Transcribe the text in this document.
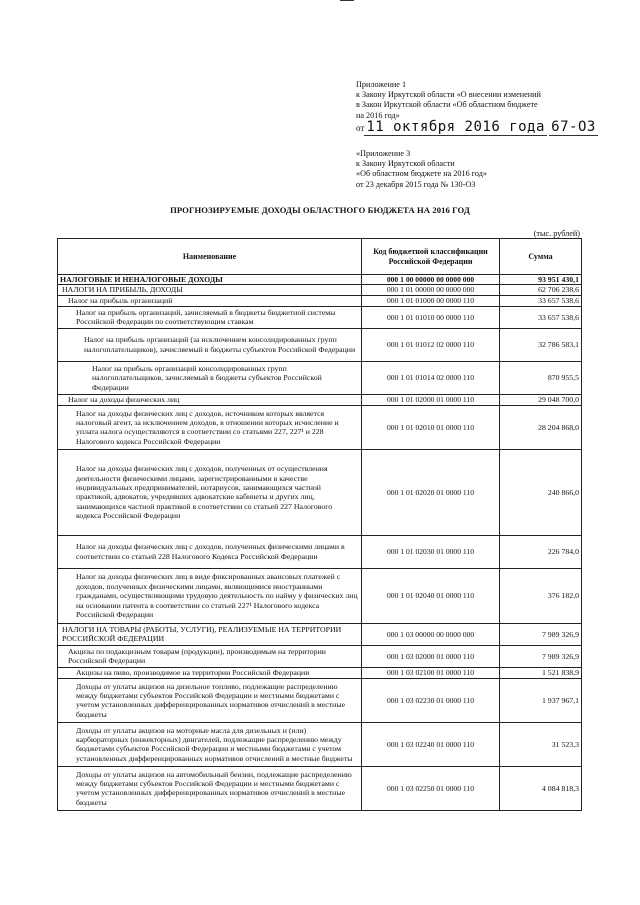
Приложение 1
к Закону Иркутской области «О внесении изменений
в Закон Иркутской области «Об областном бюджете
на 2016 год»
от 11 октября 2016 года 67-ОЗ
«Приложение 3
к Закону Иркутской области
«Об областном бюджете на 2016 год»
от 23 декабря 2015 года № 130-ОЗ
ПРОГНОЗИРУЕМЫЕ ДОХОДЫ ОБЛАСТНОГО БЮДЖЕТА НА 2016 ГОД
(тыс. рублей)
Наименование	Код бюджетной классификации Российской Федерации	Сумма
НАЛОГОВЫЕ И НЕНАЛОГОВЫЕ ДОХОДЫ	000 1 00 00000 00 0000 000	93 951 430,1
НАЛОГИ НА ПРИБЫЛЬ, ДОХОДЫ	000 1 01 00000 00 0000 000	62 706 238,6
Налог на прибыль организаций	000 1 01 01000 00 0000 110	33 657 538,6
Налог на прибыль организаций, зачисляемый в бюджеты бюджетной системы Российской Федерации по соответствующим ставкам	000 1 01 01010 00 0000 110	33 657 538,6
Налог на прибыль организаций (за исключением консолидированных групп налогоплательщиков), зачисляемый в бюджеты субъектов Российской Федерации	000 1 01 01012 02 0000 110	32 786 583,1
Налог на прибыль организаций консолидированных групп налогоплательщиков, зачисляемый в бюджеты субъектов Российской Федерации	000 1 01 01014 02 0000 110	870 955,5
Налог на доходы физических лиц	000 1 01 02000 01 0000 110	29 048 700,0
Налог на доходы физических лиц с доходов, источником которых является налоговый агент, за исключением доходов, в отношении которых исчисление и уплата налога осуществляются в соответствии со статьями 227, 227¹ и 228 Налогового кодекса Российской Федерации	000 1 01 02010 01 0000 110	28 204 868,0
Налог на доходы физических лиц с доходов, полученных от осуществления деятельности физическими лицами, зарегистрированными в качестве индивидуальных предпринимателей, нотариусов, занимающихся частной практикой, адвокатов, учредивших адвокатские кабинеты и других лиц, занимающихся частной практикой в соответствии со статьей 227 Налогового кодекса Российской Федерации	000 1 01 02020 01 0000 110	240 866,0
Налог на доходы физических лиц с доходов, полученных физическими лицами в соответствии со статьей 228 Налогового Кодекса Российской Федерации	000 1 01 02030 01 0000 110	226 784,0
Налог на доходы физических лиц в виде фиксированных авансовых платежей с доходов, полученных физическими лицами, являющимися иностранными гражданами, осуществляющими трудовую деятельность по найму у физических лиц на основании патента в соответствии со статьей 227¹ Налогового кодекса Российской Федерации	000 1 01 02040 01 0000 110	376 182,0
НАЛОГИ НА ТОВАРЫ (РАБОТЫ, УСЛУГИ), РЕАЛИЗУЕМЫЕ НА ТЕРРИТОРИИ РОССИЙСКОЙ ФЕДЕРАЦИИ	000 1 03 00000 00 0000 000	7 989 326,9
Акцизы по подакцизным товарам (продукции), производимым на территории Российской Федерации	000 1 03 02000 01 0000 110	7 989 326,9
Акцизы на пиво, производимое на территории Российской Федерации	000 1 03 02100 01 0000 110	1 521 838,9
Доходы от уплаты акцизов на дизельное топливо, подлежащие распределению между бюджетами субъектов Российской Федерации и местными бюджетами с учетом установленных дифференцированных нормативов отчислений в местные бюджеты	000 1 03 02230 01 0000 110	1 937 967,1
Доходы от уплаты акцизов на моторные масла для дизельных и (или) карбюраторных (инжекторных) двигателей, подлежащие распределению между бюджетами субъектов Российской Федерации и местными бюджетами с учетом установленных дифференцированных нормативов отчислений в местные бюджеты	000 1 03 02240 01 0000 110	31 523,3
Доходы от уплаты акцизов на автомобильный бензин, подлежащие распределению между бюджетами субъектов Российской Федерации и местными бюджетами с учетом установленных дифференцированных нормативов отчислений в местные бюджеты	000 1 03 02250 01 0000 110	4 084 818,3
